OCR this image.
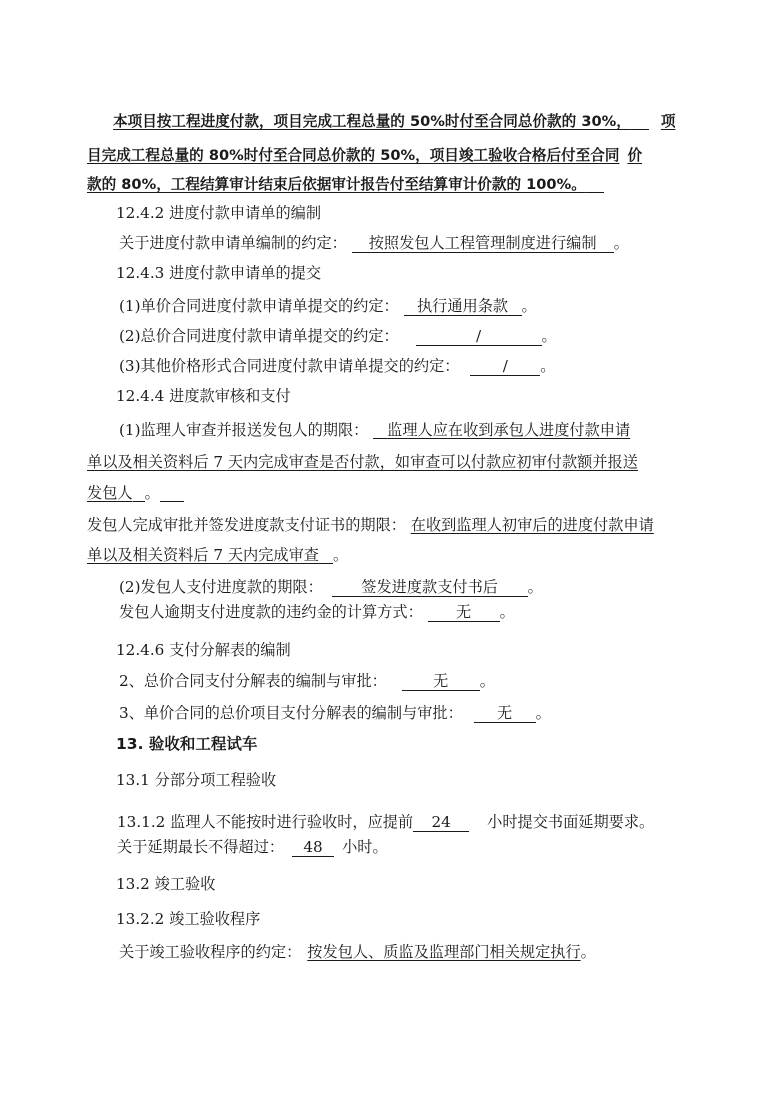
本项目按工程进度付款，项目完成工程总量的 50%时付至合同总价款的 30%， 项
目完成工程总量的 80%时付至合同总价款的 50%，项目竣工验收合格后付至合同 价
款的 80%，工程结算审计结束后依据审计报告付至结算审计价款的 100%。
12.4.2 进度付款申请单的编制
关于进度付款申请单编制的约定： 按照发包人工程管理制度进行编制 。
12.4.3 进度付款申请单的提交
(1)单价合同进度付款申请单提交的约定： 执行通用条款 。
(2)总价合同进度付款申请单提交的约定：	/	。
(3)其他价格形式合同进度付款申请单提交的约定：	/ 。
12.4.4 进度款审核和支付
(1)监理人审查并报送发包人的期限： 监理人应在收到承包人进度付款申请
单以及相关资料后 7 天内完成审查是否付款，如审查可以付款应初审付款额并报送
发包人 。
发包人完成审批并签发进度款支付证书的期限： 在收到监理人初审后的进度付款申请
单以及相关资料后 7 天内完成审查 。
(2)发包人支付进度款的期限：	签发进度款支付书后 。
发包人逾期支付进度款的违约金的计算方式： 无 。
12.4.6 支付分解表的编制
2、总价合同支付分解表的编制与审批：	无 。
3、单价合同的总价项目支付分解表的编制与审批： 无 。
13. 验收和工程试车
13.1 分部分项工程验收
13.1.2 监理人不能按时进行验收时，应提前 24 小时提交书面延期要求。
关于延期最长不得超过： 48 小时。
13.2 竣工验收
13.2.2 竣工验收程序
关于竣工验收程序的约定： 按发包人、质监及监理部门相关规定执行。
